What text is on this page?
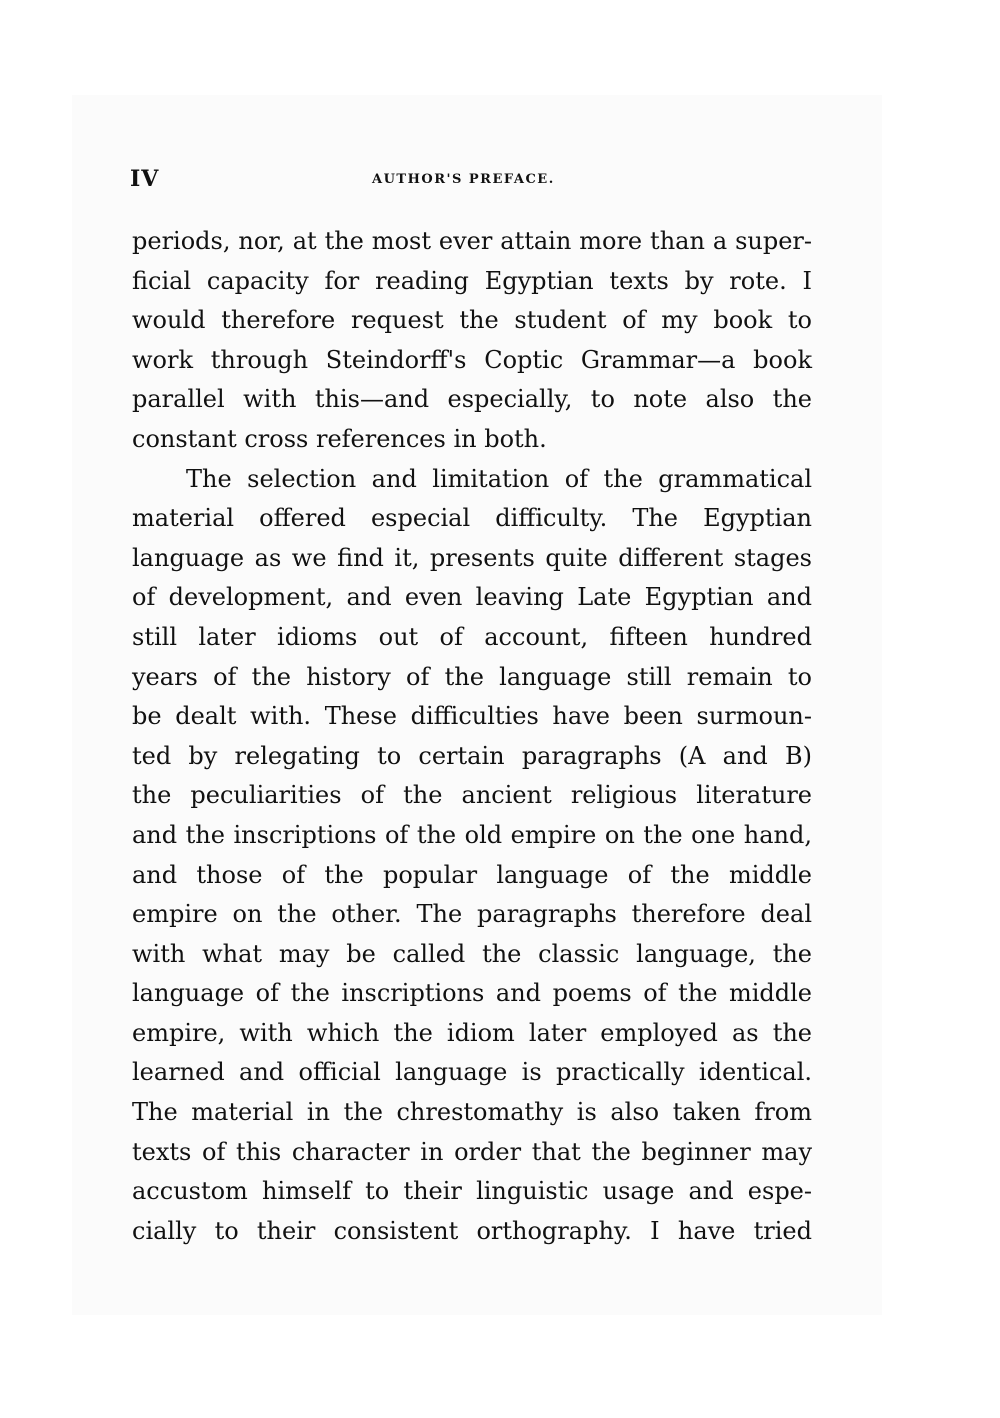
IV	AUTHOR'S PREFACE.
periods, nor, at the most ever attain more than a super-
ficial capacity for reading Egyptian texts by rote. I
would therefore request the student of my book to
work through Steindorff's Coptic Grammar—a book
parallel with this—and especially, to note also the
constant cross references in both.
The selection and limitation of the grammatical
material offered especial difficulty. The Egyptian
language as we find it, presents quite different stages
of development, and even leaving Late Egyptian and
still later idioms out of account, fifteen hundred
years of the history of the language still remain to
be dealt with. These difficulties have been surmoun-
ted by relegating to certain paragraphs (A and B)
the peculiarities of the ancient religious literature
and the inscriptions of the old empire on the one hand,
and those of the popular language of the middle
empire on the other. The paragraphs therefore deal
with what may be called the classic language, the
language of the inscriptions and poems of the middle
empire, with which the idiom later employed as the
learned and official language is practically identical.
The material in the chrestomathy is also taken from
texts of this character in order that the beginner may
accustom himself to their linguistic usage and espe-
cially to their consistent orthography. I have tried
